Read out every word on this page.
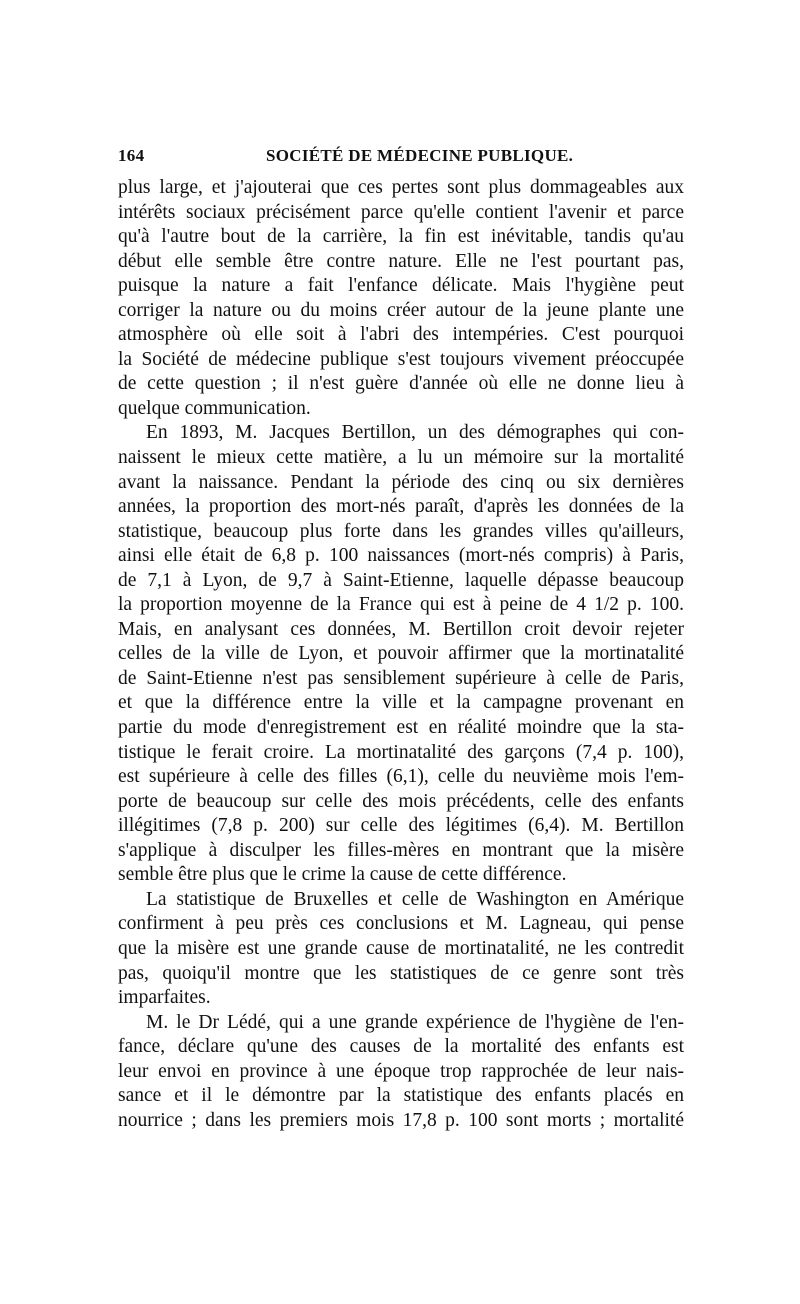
164	SOCIÉTÉ DE MÉDECINE PUBLIQUE.
plus large, et j'ajouterai que ces pertes sont plus dommageables aux
intérêts sociaux précisément parce qu'elle contient l'avenir et parce
qu'à l'autre bout de la carrière, la fin est inévitable, tandis qu'au
début elle semble être contre nature. Elle ne l'est pourtant pas,
puisque la nature a fait l'enfance délicate. Mais l'hygiène peut
corriger la nature ou du moins créer autour de la jeune plante une
atmosphère où elle soit à l'abri des intempéries. C'est pourquoi
la Société de médecine publique s'est toujours vivement préoccupée
de cette question ; il n'est guère d'année où elle ne donne lieu à
quelque communication.
En 1893, M. Jacques Bertillon, un des démographes qui con-
naissent le mieux cette matière, a lu un mémoire sur la mortalité
avant la naissance. Pendant la période des cinq ou six dernières
années, la proportion des mort-nés paraît, d'après les données de la
statistique, beaucoup plus forte dans les grandes villes qu'ailleurs,
ainsi elle était de 6,8 p. 100 naissances (mort-nés compris) à Paris,
de 7,1 à Lyon, de 9,7 à Saint-Etienne, laquelle dépasse beaucoup
la proportion moyenne de la France qui est à peine de 4 1/2 p. 100.
Mais, en analysant ces données, M. Bertillon croit devoir rejeter
celles de la ville de Lyon, et pouvoir affirmer que la mortinatalité
de Saint-Etienne n'est pas sensiblement supérieure à celle de Paris,
et que la différence entre la ville et la campagne provenant en
partie du mode d'enregistrement est en réalité moindre que la sta-
tistique le ferait croire. La mortinatalité des garçons (7,4 p. 100),
est supérieure à celle des filles (6,1), celle du neuvième mois l'em-
porte de beaucoup sur celle des mois précédents, celle des enfants
illégitimes (7,8 p. 200) sur celle des légitimes (6,4). M. Bertillon
s'applique à disculper les filles-mères en montrant que la misère
semble être plus que le crime la cause de cette différence.
La statistique de Bruxelles et celle de Washington en Amérique
confirment à peu près ces conclusions et M. Lagneau, qui pense
que la misère est une grande cause de mortinatalité, ne les contredit
pas, quoiqu'il montre que les statistiques de ce genre sont très
imparfaites.
M. le Dr Lédé, qui a une grande expérience de l'hygiène de l'en-
fance, déclare qu'une des causes de la mortalité des enfants est
leur envoi en province à une époque trop rapprochée de leur nais-
sance et il le démontre par la statistique des enfants placés en
nourrice ; dans les premiers mois 17,8 p. 100 sont morts ; mortalité
